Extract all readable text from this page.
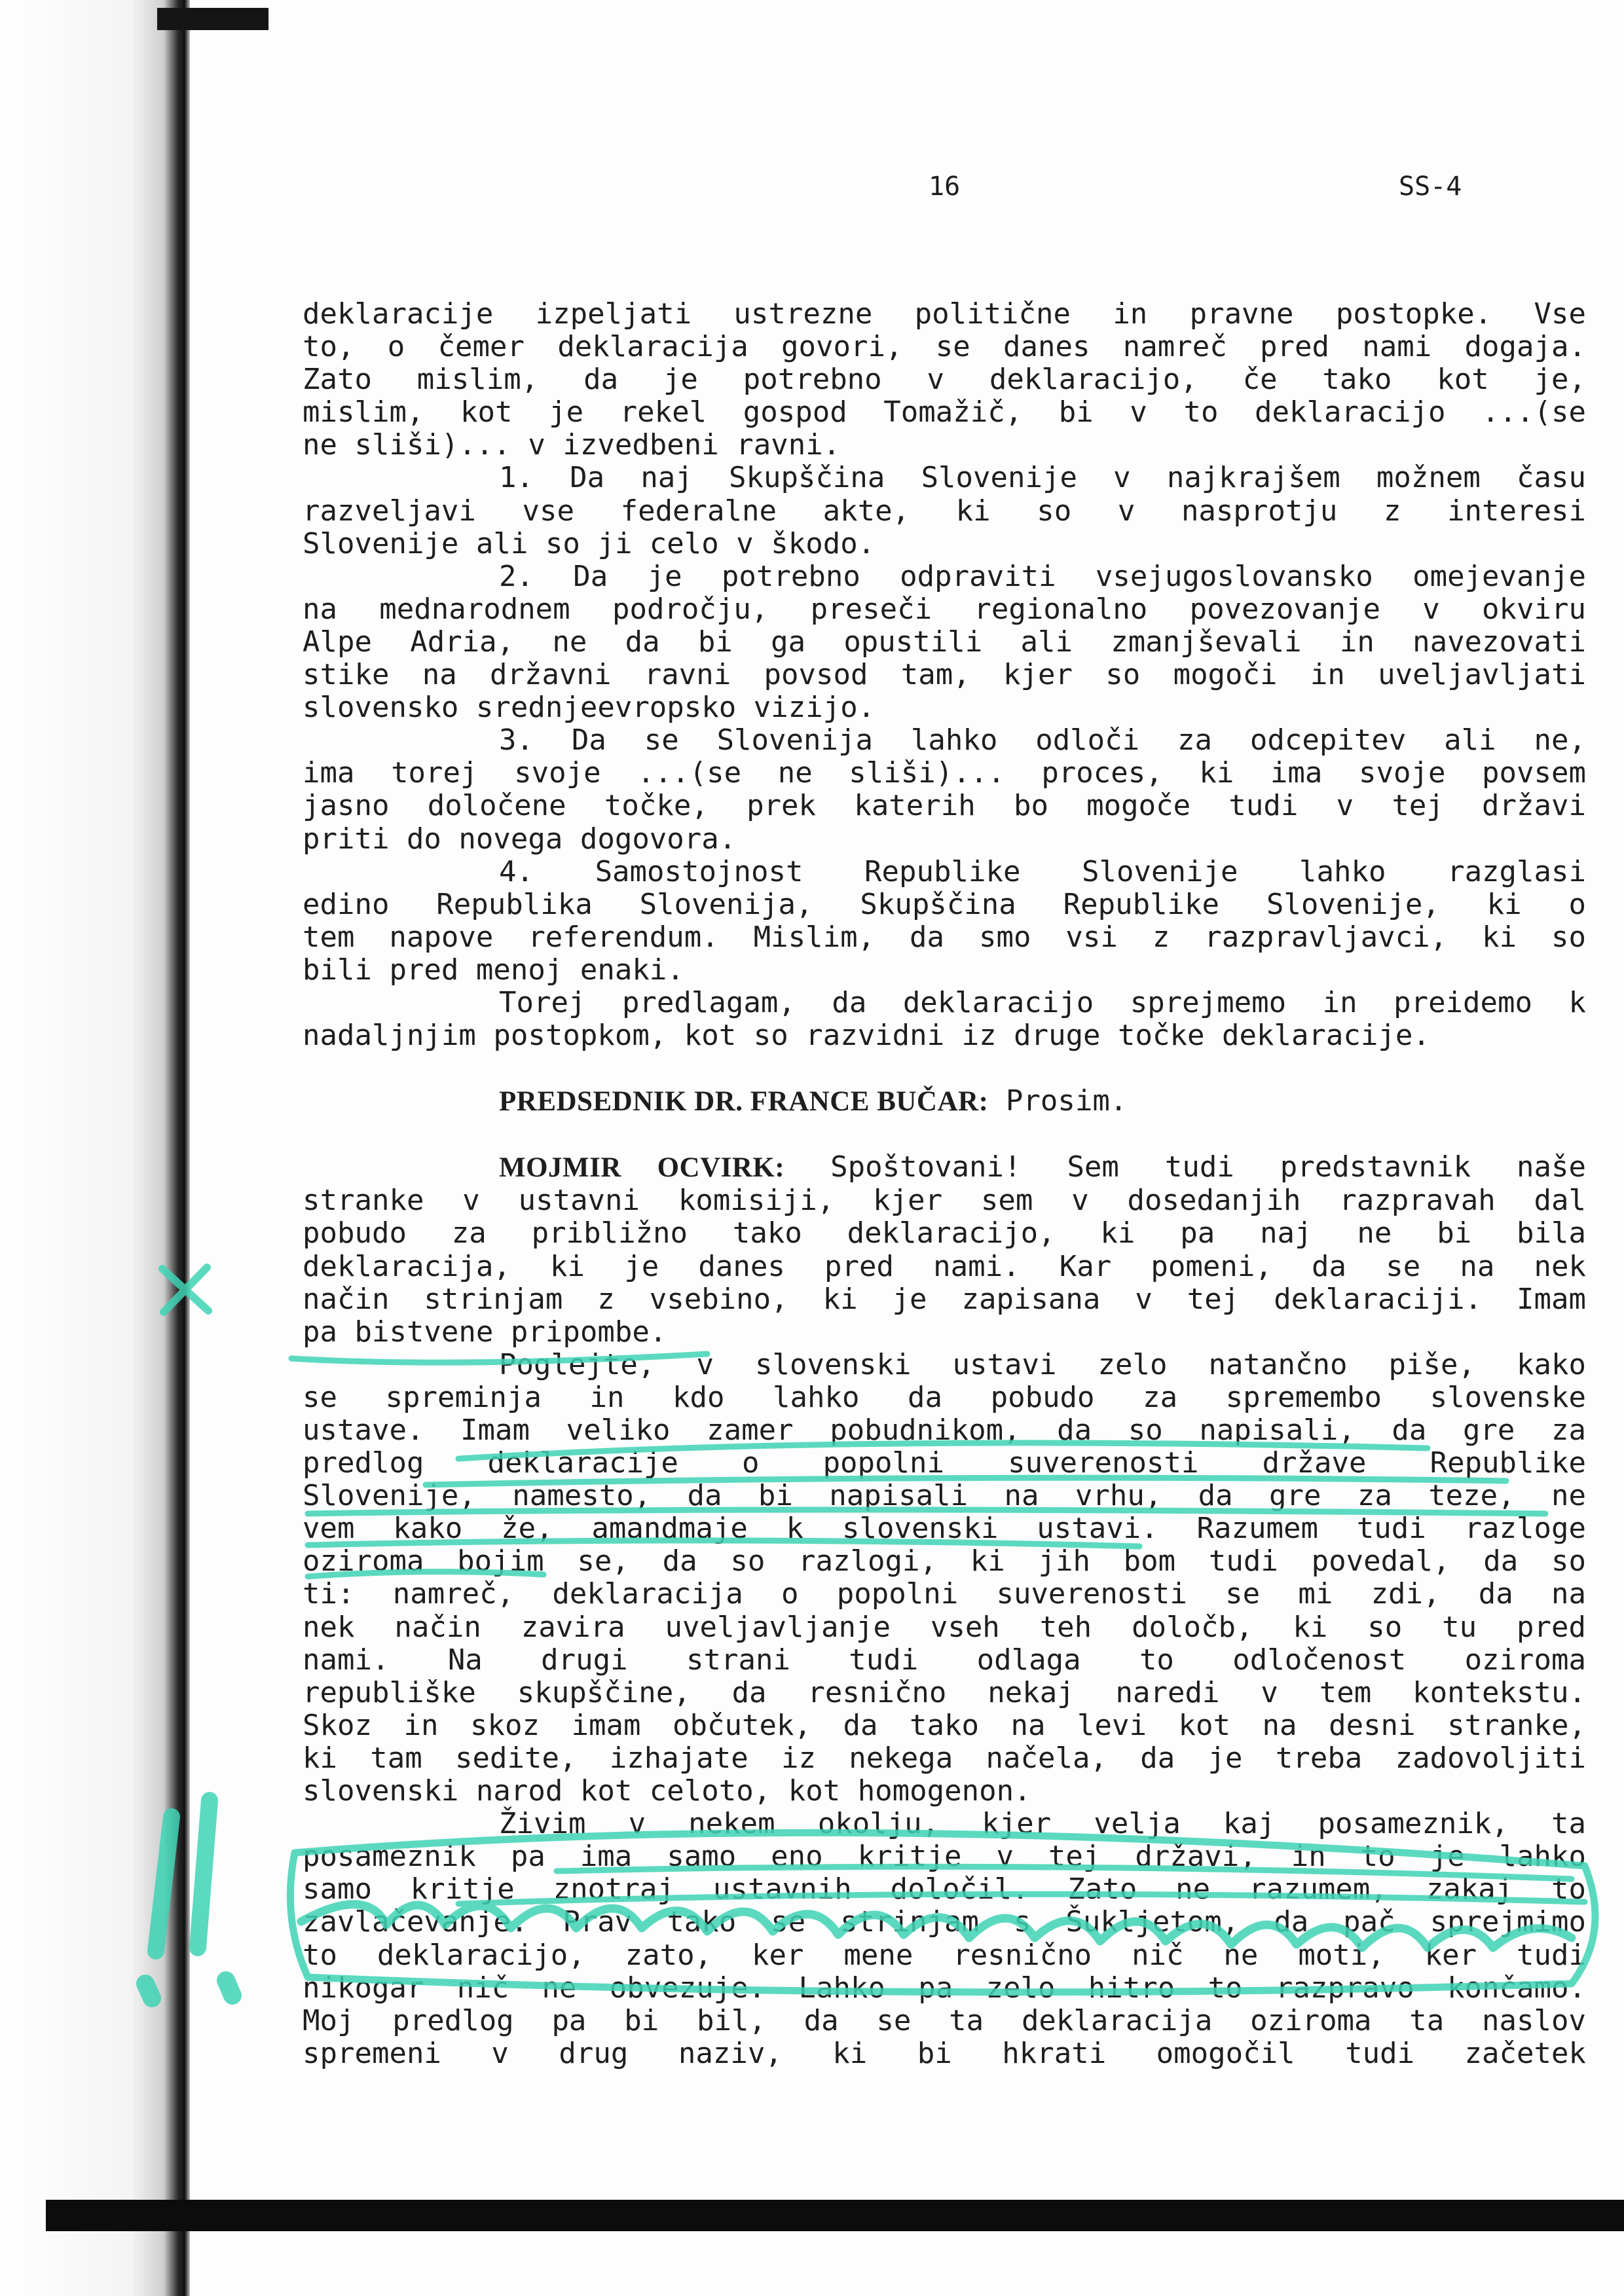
16	SS-4
deklaracije izpeljati ustrezne politične in pravne postopke. Vse
to, o čemer deklaracija govori, se danes namreč pred nami dogaja.
Zato mislim, da je potrebno v deklaracijo, če tako kot je,
mislim, kot je rekel gospod Tomažič, bi v to deklaracijo ...(se
ne sliši)... v izvedbeni ravni.
1. Da naj Skupščina Slovenije v najkrajšem možnem času
razveljavi vse federalne akte, ki so v nasprotju z interesi
Slovenije ali so ji celo v škodo.
2. Da je potrebno odpraviti vsejugoslovansko omejevanje
na mednarodnem področju, preseči regionalno povezovanje v okviru
Alpe Adria, ne da bi ga opustili ali zmanjševali in navezovati
stike na državni ravni povsod tam, kjer so mogoči in uveljavljati
slovensko srednjeevropsko vizijo.
3. Da se Slovenija lahko odloči za odcepitev ali ne,
ima torej svoje ...(se ne sliši)... proces, ki ima svoje povsem
jasno določene točke, prek katerih bo mogoče tudi v tej državi
priti do novega dogovora.
4. Samostojnost Republike Slovenije lahko razglasi
edino Republika Slovenija, Skupščina Republike Slovenije, ki o
tem napove referendum. Mislim, da smo vsi z razpravljavci, ki so
bili pred menoj enaki.
Torej predlagam, da deklaracijo sprejmemo in preidemo k
nadaljnjim postopkom, kot so razvidni iz druge točke deklaracije.
PREDSEDNIK DR. FRANCE BUČAR: Prosim.
MOJMIR OCVIRK: Spoštovani! Sem tudi predstavnik naše
stranke v ustavni komisiji, kjer sem v dosedanjih razpravah dal
pobudo za približno tako deklaracijo, ki pa naj ne bi bila
deklaracija, ki je danes pred nami. Kar pomeni, da se na nek
način strinjam z vsebino, ki je zapisana v tej deklaraciji. Imam
pa bistvene pripombe.
Poglejte, v slovenski ustavi zelo natančno piše, kako
se spreminja in kdo lahko da pobudo za spremembo slovenske
ustave. Imam veliko zamer pobudnikom, da so napisali, da gre za
predlog deklaracije o popolni suverenosti države Republike
Slovenije, namesto, da bi napisali na vrhu, da gre za teze, ne
vem kako že, amandmaje k slovenski ustavi. Razumem tudi razloge
oziroma bojim se, da so razlogi, ki jih bom tudi povedal, da so
ti: namreč, deklaracija o popolni suverenosti se mi zdi, da na
nek način zavira uveljavljanje vseh teh določb, ki so tu pred
nami. Na drugi strani tudi odlaga to odločenost oziroma
republiške skupščine, da resnično nekaj naredi v tem kontekstu.
Skoz in skoz imam občutek, da tako na levi kot na desni stranke,
ki tam sedite, izhajate iz nekega načela, da je treba zadovoljiti
slovenski narod kot celoto, kot homogenon.
Živim v nekem okolju, kjer velja kaj posameznik, ta
posameznik pa ima samo eno kritje v tej državi, in to je lahko
samo kritje znotraj ustavnih določil. Zato ne razumem, zakaj to
zavlačevanje. Prav tako se strinjam s Šukljetom, da pač sprejmimo
to deklaracijo, zato, ker mene resnično nič ne moti, ker tudi
nikogar nič ne obvezuje. Lahko pa zelo hitro to razpravo končamo.
Moj predlog pa bi bil, da se ta deklaracija oziroma ta naslov
spremeni v drug naziv, ki bi hkrati omogočil tudi začetek
